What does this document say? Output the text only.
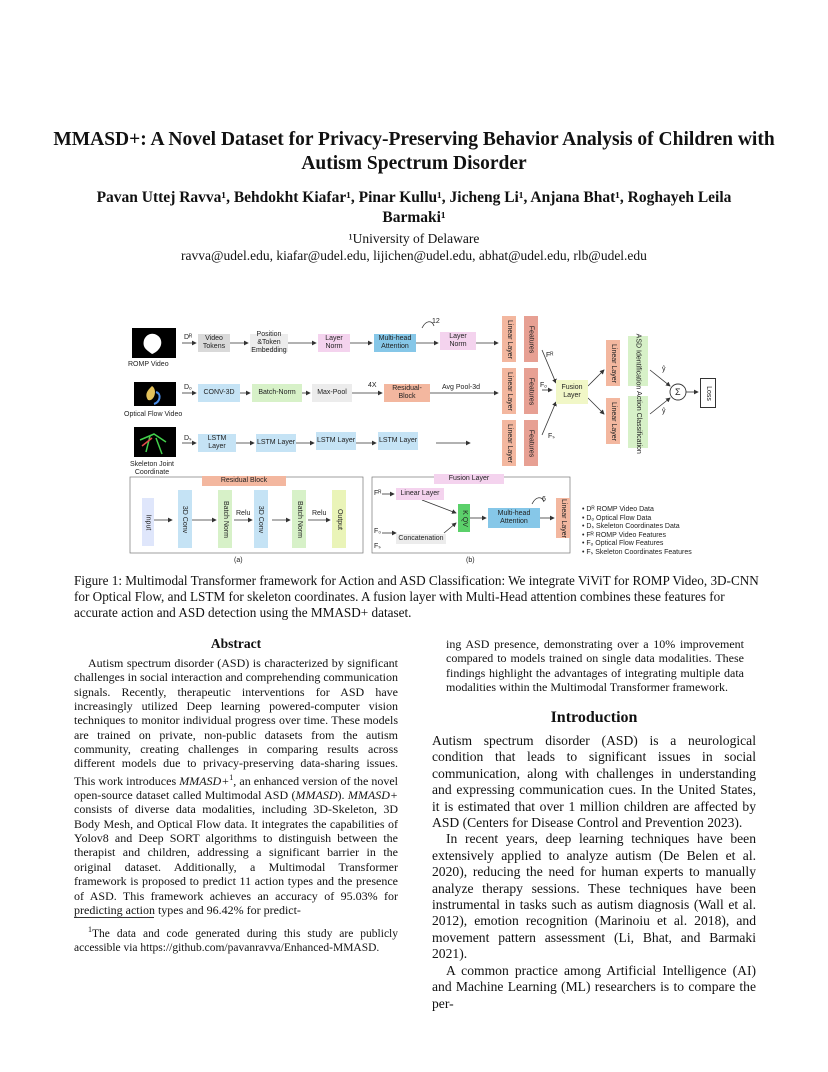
MMASD+: A Novel Dataset for Privacy-Preserving Behavior Analysis of Children with Autism Spectrum Disorder
Pavan Uttej Ravva¹, Behdokht Kiafar¹, Pinar Kullu¹, Jicheng Li¹, Anjana Bhat¹, Roghayeh Leila
Barmaki¹
¹University of Delaware
ravva@udel.edu, kiafar@udel.edu, lijichen@udel.edu, abhat@udel.edu, rlb@udel.edu
ROMP Video
Optical Flow Video
Skeleton Joint
Coordinate
Dᴿ
Dₒ
Dₛ
Video Tokens
Position &Token Embedding
Layer Norm
Multi-head Attention
Layer Norm
12
CONV-3D	Batch-Norm	Max-Pool
4X	Residual-Block
Avg Pool-3d
LSTM Layer
LSTM Layer	LSTM Layer	LSTM Layer
Linear Layer Features
Linear Layer Features
Linear Layer Features
Fᴿ
Fₒ
Fₛ
Fusion Layer
Linear Layer	ASD Identification
Linear Layer	Action Classification
ŷ
ŷ
Σ	Loss
Residual Block
Input	3D Conv	Batch Norm	3D Conv	Batch Norm	Output
Relu	Relu
(a)
Fusion Layer
Fᴿ	Linear Layer
F₀
Fₛ
Concatenation
K QV	Multi-head Attention
6 Linear Layer
(b)
• Dᴿ ROMP Video Data
• Dₒ Optical Flow Data
• Dₛ Skeleton Coordinates Data
• Fᴿ ROMP Video Features
• Fₒ Optical Flow Features
• Fₛ Skeleton Coordinates Features
Figure 1: Multimodal Transformer framework for Action and ASD Classification: We integrate ViViT for ROMP Video, 3D-CNN for Optical Flow, and LSTM for skeleton coordinates. A fusion layer with Multi-Head attention combines these features for accurate action and ASD detection using the MMASD+ dataset.
Abstract
Autism spectrum disorder (ASD) is characterized by significant challenges in social interaction and comprehending communication signals. Recently, therapeutic interventions for ASD have increasingly utilized Deep learning powered-computer vision techniques to monitor individual progress over time. These models are trained on private, non-public datasets from the autism community, creating challenges in comparing results across different models due to privacy-preserving data-sharing issues. This work introduces MMASD+$^1$, an enhanced version of the novel open-source dataset called Multimodal ASD (MMASD). MMASD+ consists of diverse data modalities, including 3D-Skeleton, 3D Body Mesh, and Optical Flow data. It integrates the capabilities of Yolov8 and Deep SORT algorithms to distinguish between the therapist and children, addressing a significant barrier in the original dataset. Additionally, a Multimodal Transformer framework is proposed to predict 11 action types and the presence of ASD. This framework achieves an accuracy of 95.03% for predicting action types and 96.42% for predict-
$^1$The data and code generated during this study are publicly accessible via https://github.com/pavanravva/Enhanced-MMASD.
ing ASD presence, demonstrating over a 10% improvement compared to models trained on single data modalities. These findings highlight the advantages of integrating multiple data modalities within the Multimodal Transformer framework.
Introduction

Autism spectrum disorder (ASD) is a neurological condition that leads to significant issues in social communication, along with challenges in understanding and expressing communication cues. In the United States, it is estimated that over 1 million children are affected by ASD (Centers for Disease Control and Prevention 2023).

In recent years, deep learning techniques have been extensively applied to analyze autism (De Belen et al. 2020), reducing the need for human experts to manually analyze therapy sessions. These techniques have been instrumental in tasks such as autism diagnosis (Wall et al. 2012), emotion recognition (Marinoiu et al. 2018), and movement pattern assessment (Li, Bhat, and Barmaki 2021).

A common practice among Artificial Intelligence (AI) and Machine Learning (ML) researchers is to compare the per-
